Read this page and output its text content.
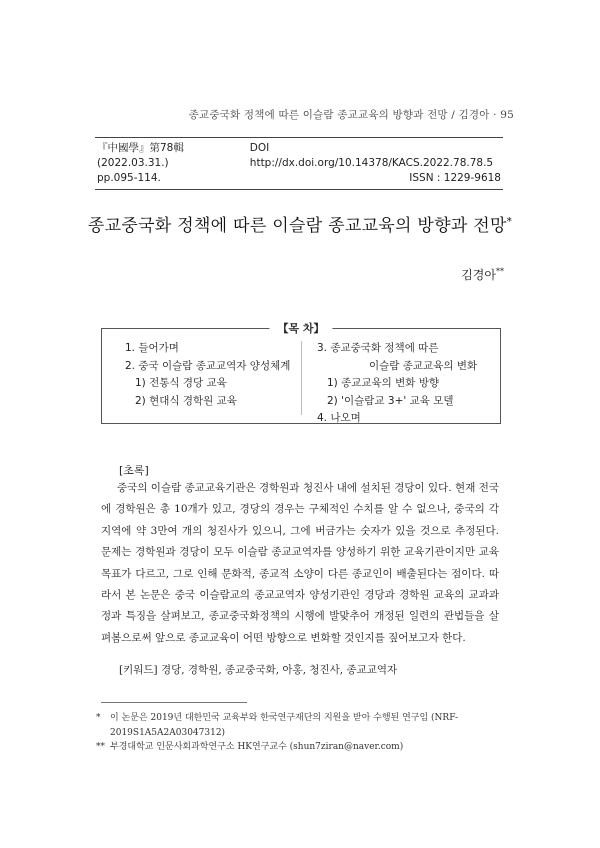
종교중국화 정책에 따른 이슬람 종교교육의 방향과 전망 / 김경아 · 95
『中國學』第78輯 (2022.03.31.)
DOI http://dx.doi.org/10.14378/KACS.2022.78.78.5
pp.095-114.	ISSN : 1229-9618
종교중국화 정책에 따른 이슬람 종교교육의 방향과 전망*
김경아**
【목 차】
1. 들어가며
2. 중국 이슬람 종교교역자 양성체계
1) 전통식 경당 교육
2) 현대식 경학원 교육
3. 종교중국화 정책에 따른
이슬람 종교교육의 변화
1) 종교교육의 변화 방향
2) '이슬람교 3+' 교육 모델
4. 나오며
[초록]
중국의 이슬람 종교교육기관은 경학원과 청진사 내에 설치된 경당이 있다. 현재 전국에 경학원은 총 10개가 있고, 경당의 경우는 구체적인 수치를 알 수 없으나, 중국의 각 지역에 약 3만여 개의 청진사가 있으니, 그에 버금가는 숫자가 있을 것으로 추정된다. 문제는 경학원과 경당이 모두 이슬람 종교교역자를 양성하기 위한 교육기관이지만 교육목표가 다르고, 그로 인해 문화적, 종교적 소양이 다른 종교인이 배출된다는 점이다. 따라서 본 논문은 중국 이슬람교의 종교교역자 양성기관인 경당과 경학원 교육의 교과과정과 특징을 살펴보고, 종교중국화정책의 시행에 발맞추어 개정된 일련의 관법들을 살펴봄으로써 앞으로 종교교육이 어떤 방향으로 변화할 것인지를 짚어보고자 한다.
[키워드] 경당, 경학원, 종교중국화, 아홍, 청진사, 종교교역자
*	이 논문은 2019년 대한민국 교육부와 한국연구재단의 지원을 받아 수행된 연구임 (NRF-2019S1A5A2A03047312)
** 부경대학교 인문사회과학연구소 HK연구교수 (shun7ziran@naver.com)
